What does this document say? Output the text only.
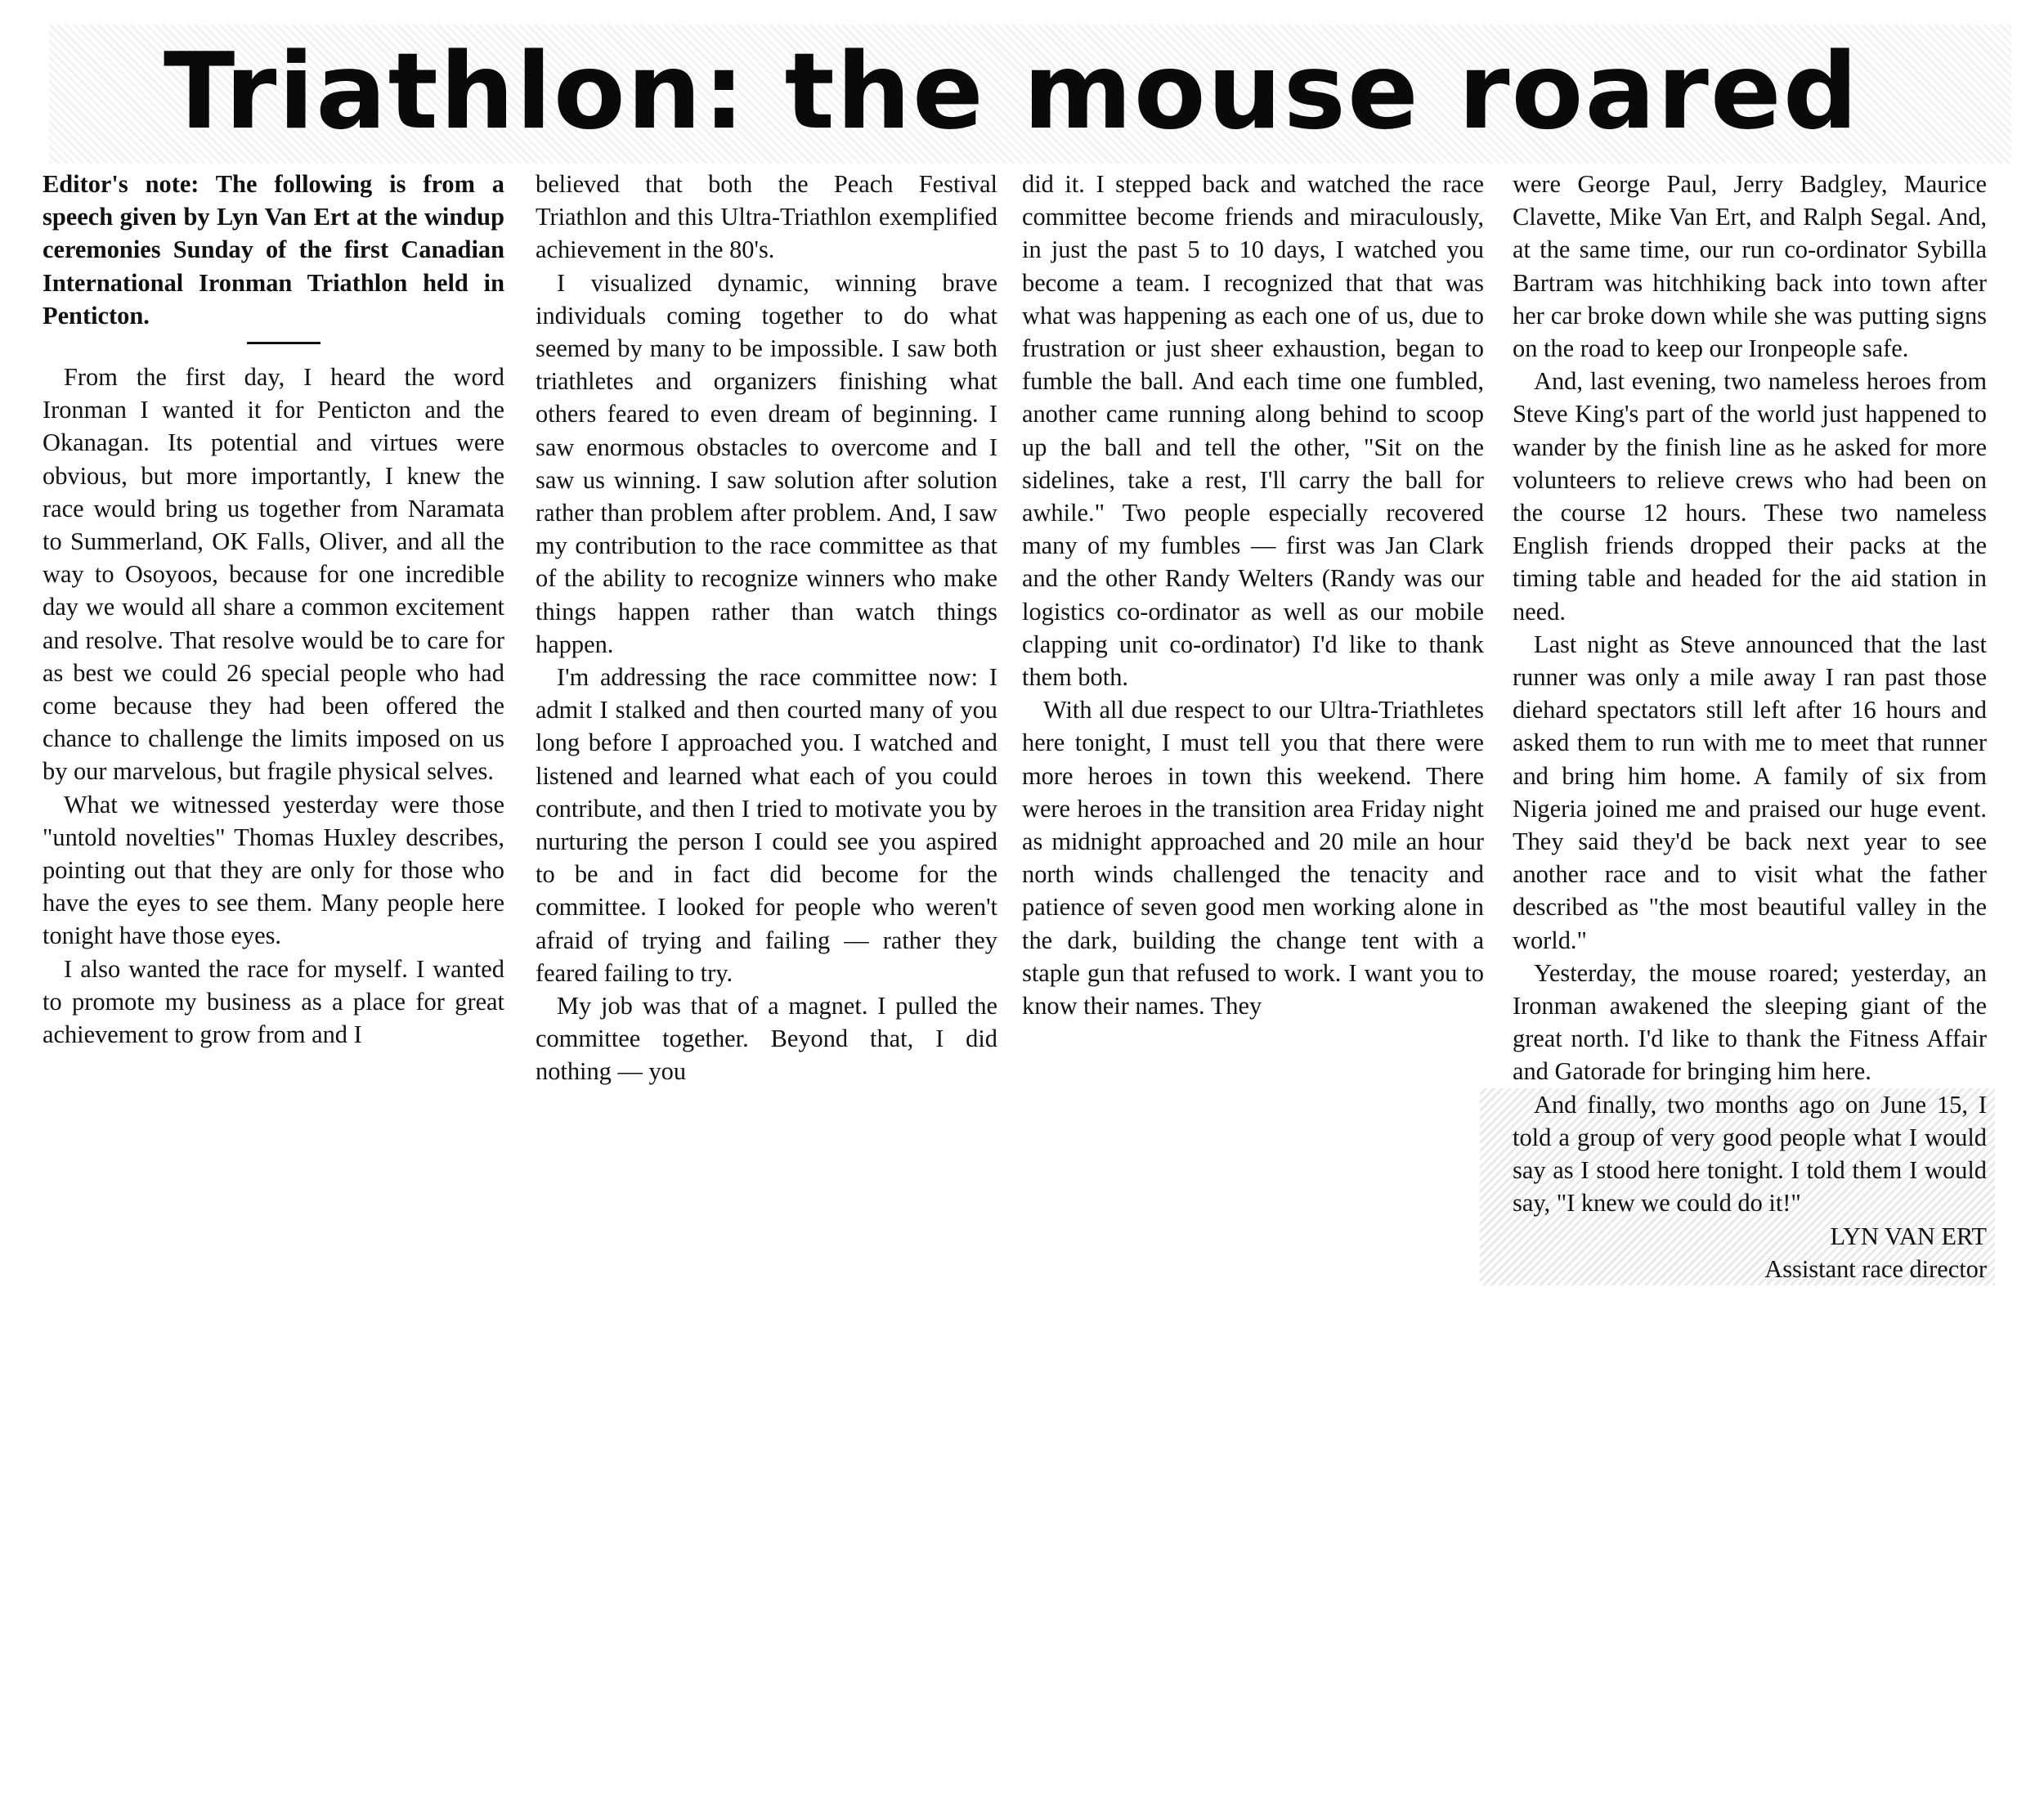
Triathlon: the mouse roared

Editor's note: The following is from a speech given by Lyn Van Ert at the windup ceremonies Sunday of the first Canadian International Ironman Triathlon held in Penticton.

From the first day, I heard the word Ironman I wanted it for Penticton and the Okanagan. Its potential and virtues were obvious, but more importantly, I knew the race would bring us together from Naramata to Summerland, OK Falls, Oliver, and all the way to Osoyoos, because for one incredible day we would all share a common excitement and resolve. That resolve would be to care for as best we could 26 special people who had come because they had been offered the chance to challenge the limits imposed on us by our marvelous, but fragile physical selves.

What we witnessed yesterday were those "untold novelties" Thomas Huxley describes, pointing out that they are only for those who have the eyes to see them. Many people here tonight have those eyes.

I also wanted the race for myself. I wanted to promote my business as a place for great achievement to grow from and I

believed that both the Peach Festival Triathlon and this Ultra-Triathlon exemplified achievement in the 80's.

I visualized dynamic, winning brave individuals coming together to do what seemed by many to be impossible. I saw both triathletes and organizers finishing what others feared to even dream of beginning. I saw enormous obstacles to overcome and I saw us winning. I saw solution after solution rather than problem after problem. And, I saw my contribution to the race committee as that of the ability to recognize winners who make things happen rather than watch things happen.

I'm addressing the race committee now: I admit I stalked and then courted many of you long before I approached you. I watched and listened and learned what each of you could contribute, and then I tried to motivate you by nurturing the person I could see you aspired to be and in fact did become for the committee. I looked for people who weren't afraid of trying and failing — rather they feared failing to try.

My job was that of a magnet. I pulled the committee together. Beyond that, I did nothing — you

did it. I stepped back and watched the race committee become friends and miraculously, in just the past 5 to 10 days, I watched you become a team. I recognized that that was what was happening as each one of us, due to frustration or just sheer exhaustion, began to fumble the ball. And each time one fumbled, another came running along behind to scoop up the ball and tell the other, "Sit on the sidelines, take a rest, I'll carry the ball for awhile." Two people especially recovered many of my fumbles — first was Jan Clark and the other Randy Welters (Randy was our logistics co-ordinator as well as our mobile clapping unit co-ordinator) I'd like to thank them both.

With all due respect to our Ultra-Triathletes here tonight, I must tell you that there were more heroes in town this weekend. There were heroes in the transition area Friday night as midnight approached and 20 mile an hour north winds challenged the tenacity and patience of seven good men working alone in the dark, building the change tent with a staple gun that refused to work. I want you to know their names. They

were George Paul, Jerry Badgley, Maurice Clavette, Mike Van Ert, and Ralph Segal. And, at the same time, our run co-ordinator Sybilla Bartram was hitchhiking back into town after her car broke down while she was putting signs on the road to keep our Ironpeople safe.

And, last evening, two nameless heroes from Steve King's part of the world just happened to wander by the finish line as he asked for more volunteers to relieve crews who had been on the course 12 hours. These two nameless English friends dropped their packs at the timing table and headed for the aid station in need.

Last night as Steve announced that the last runner was only a mile away I ran past those diehard spectators still left after 16 hours and asked them to run with me to meet that runner and bring him home. A family of six from Nigeria joined me and praised our huge event. They said they'd be back next year to see another race and to visit what the father described as "the most beautiful valley in the world."

Yesterday, the mouse roared; yesterday, an Ironman awakened the sleeping giant of the great north. I'd like to thank the Fitness Affair and Gatorade for bringing him here.

And finally, two months ago on June 15, I told a group of very good people what I would say as I stood here tonight. I told them I would say, "I knew we could do it!"

LYN VAN ERT

Assistant race director
